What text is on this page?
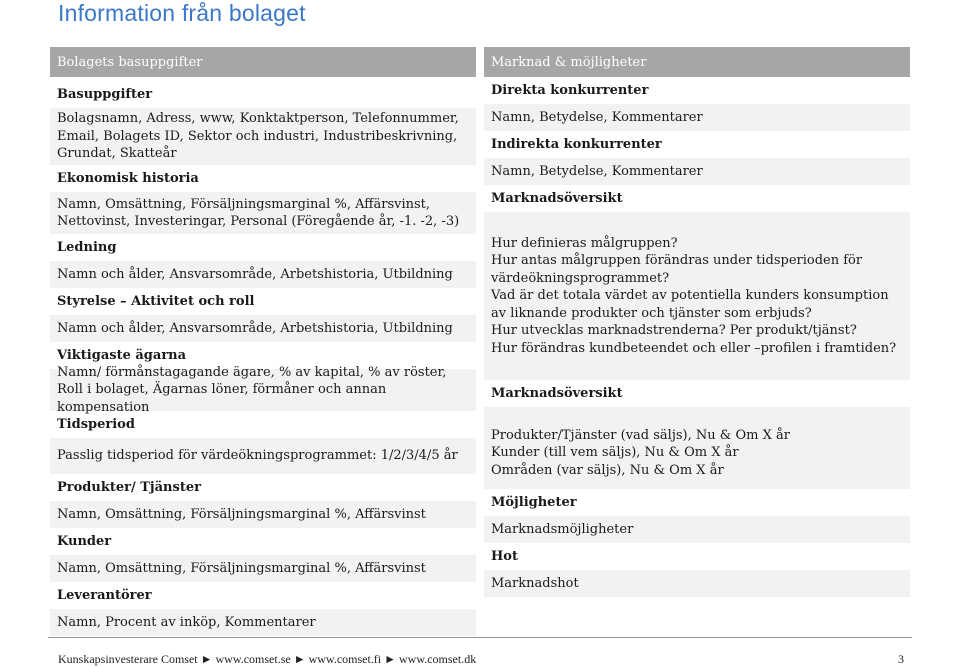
Information från bolaget
Bolagets basuppgifter
Basuppgifter
Bolagsnamn, Adress, www, Konktaktperson, Telefonnummer, Email, Bolagets ID, Sektor och industri, Industribeskrivning, Grundat, Skatteår
Ekonomisk historia
Namn, Omsättning, Försäljningsmarginal %, Affärsvinst, Nettovinst, Investeringar, Personal (Föregående år, -1. -2, -3)
Ledning
Namn och ålder, Ansvarsområde, Arbetshistoria, Utbildning
Styrelse – Aktivitet och roll
Namn och ålder, Ansvarsområde, Arbetshistoria, Utbildning
Viktigaste ägarna
Namn/ förmånstagagande ägare, % av kapital, % av röster, Roll i bolaget, Ägarnas löner, förmåner och annan kompensation
Tidsperiod
Passlig tidsperiod för värdeökningsprogrammet: 1/2/3/4/5 år
Produkter/ Tjänster
Namn, Omsättning, Försäljningsmarginal %, Affärsvinst
Kunder
Namn, Omsättning, Försäljningsmarginal %, Affärsvinst
Leverantörer
Namn, Procent av inköp, Kommentarer
Marknad & möjligheter
Direkta konkurrenter
Namn, Betydelse, Kommentarer
Indirekta konkurrenter
Namn, Betydelse, Kommentarer
Marknadsöversikt
Hur definieras målgruppen?
Hur antas målgruppen förändras under tidsperioden för värdeökningsprogrammet?
Vad är det totala värdet av potentiella kunders konsumption av liknande produkter och tjänster som erbjuds?
Hur utvecklas marknadstrenderna? Per produkt/tjänst?
Hur förändras kundbeteendet och eller –profilen i framtiden?
Marknadsöversikt
Produkter/Tjänster (vad säljs), Nu & Om X år
Kunder (till vem säljs), Nu & Om X år
Områden (var säljs), Nu & Om X år
Möjligheter
Marknadsmöjligheter
Hot
Marknadshot
Kunskapsinvesterare Comset ► www.comset.se ► www.comset.fi ► www.comset.dk	3
